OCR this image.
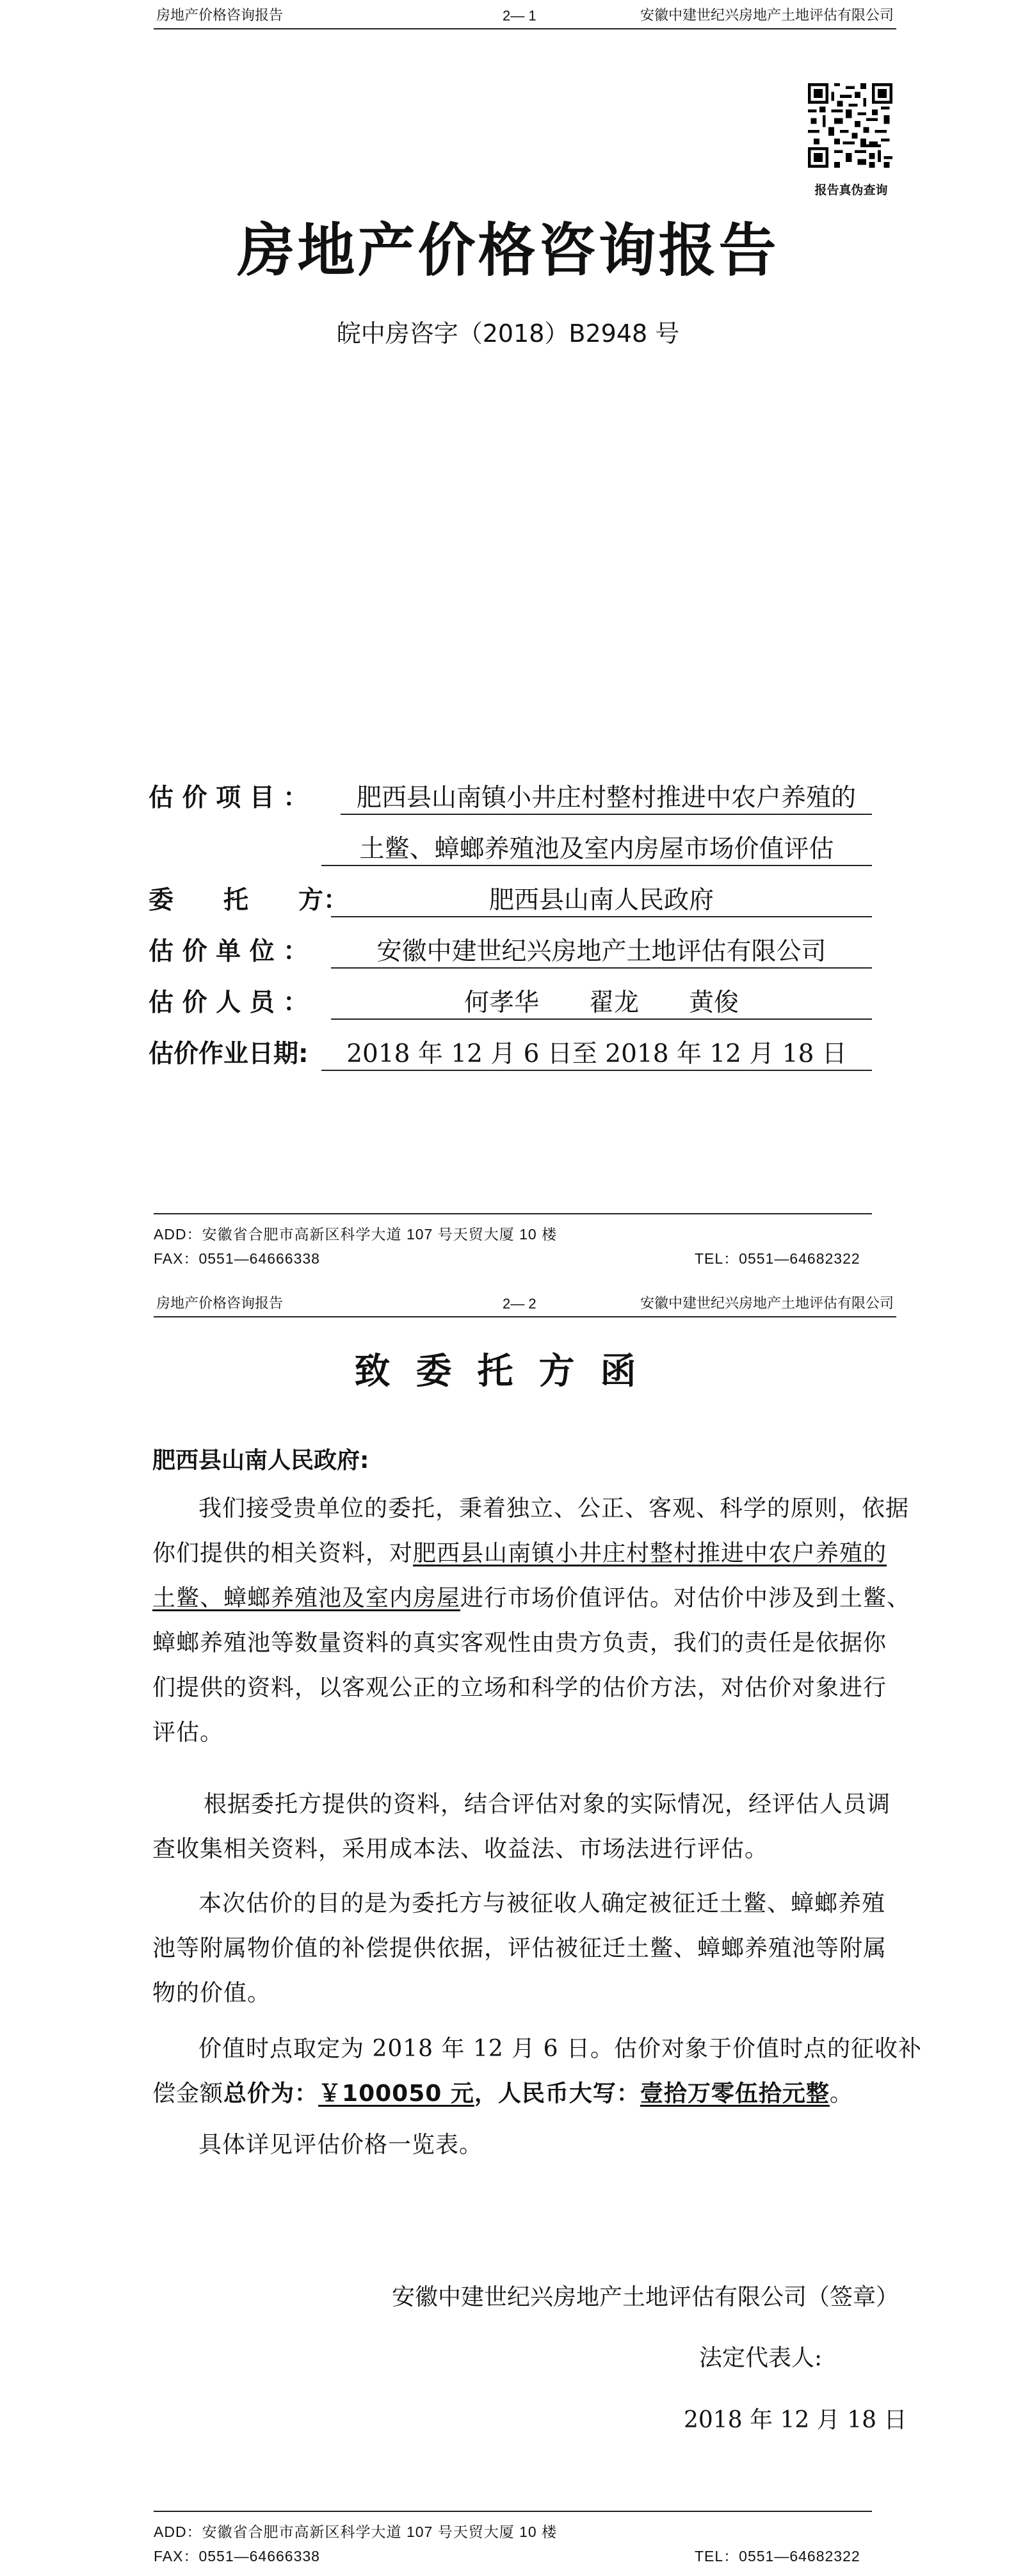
房地产价格咨询报告	2— 1	安徽中建世纪兴房地产土地评估有限公司
报告真伪查询
房地产价格咨询报告
皖中房咨字（2018）B2948 号
估 价 项 目 ：	肥西县山南镇小井庄村整村推进中农户养殖的
土鳖、蟑螂养殖池及室内房屋市场价值评估
委　　托　　方：	肥西县山南人民政府
估 价 单 位 ：	安徽中建世纪兴房地产土地评估有限公司
估 价 人 员 ：	何孝华　　翟龙　　黄俊
估价作业日期:	2018 年 12 月 6 日至 2018 年 12 月 18 日
ADD：安徽省合肥市高新区科学大道 107 号天贸大厦 10 楼
FAX：0551—64666338	TEL：0551—64682322
房地产价格咨询报告	2— 2	安徽中建世纪兴房地产土地评估有限公司
致委托方函
肥西县山南人民政府:
我们接受贵单位的委托，秉着独立、公正、客观、科学的原则，依据
你们提供的相关资料，对肥西县山南镇小井庄村整村推进中农户养殖的
土鳖、蟑螂养殖池及室内房屋进行市场价值评估。对估价中涉及到土鳖、
蟑螂养殖池等数量资料的真实客观性由贵方负责，我们的责任是依据你
们提供的资料，以客观公正的立场和科学的估价方法，对估价对象进行
评估。
根据委托方提供的资料，结合评估对象的实际情况，经评估人员调
查收集相关资料，采用成本法、收益法、市场法进行评估。
本次估价的目的是为委托方与被征收人确定被征迁土鳖、蟑螂养殖
池等附属物价值的补偿提供依据，评估被征迁土鳖、蟑螂养殖池等附属
物的价值。
价值时点取定为 2018 年 12 月 6 日。估价对象于价值时点的征收补
偿金额总价为：￥100050 元，人民币大写：壹拾万零伍拾元整。
具体详见评估价格一览表。
安徽中建世纪兴房地产土地评估有限公司（签章）
法定代表人:
2018 年 12 月 18 日
ADD：安徽省合肥市高新区科学大道 107 号天贸大厦 10 楼
FAX：0551—64666338	TEL：0551—64682322
